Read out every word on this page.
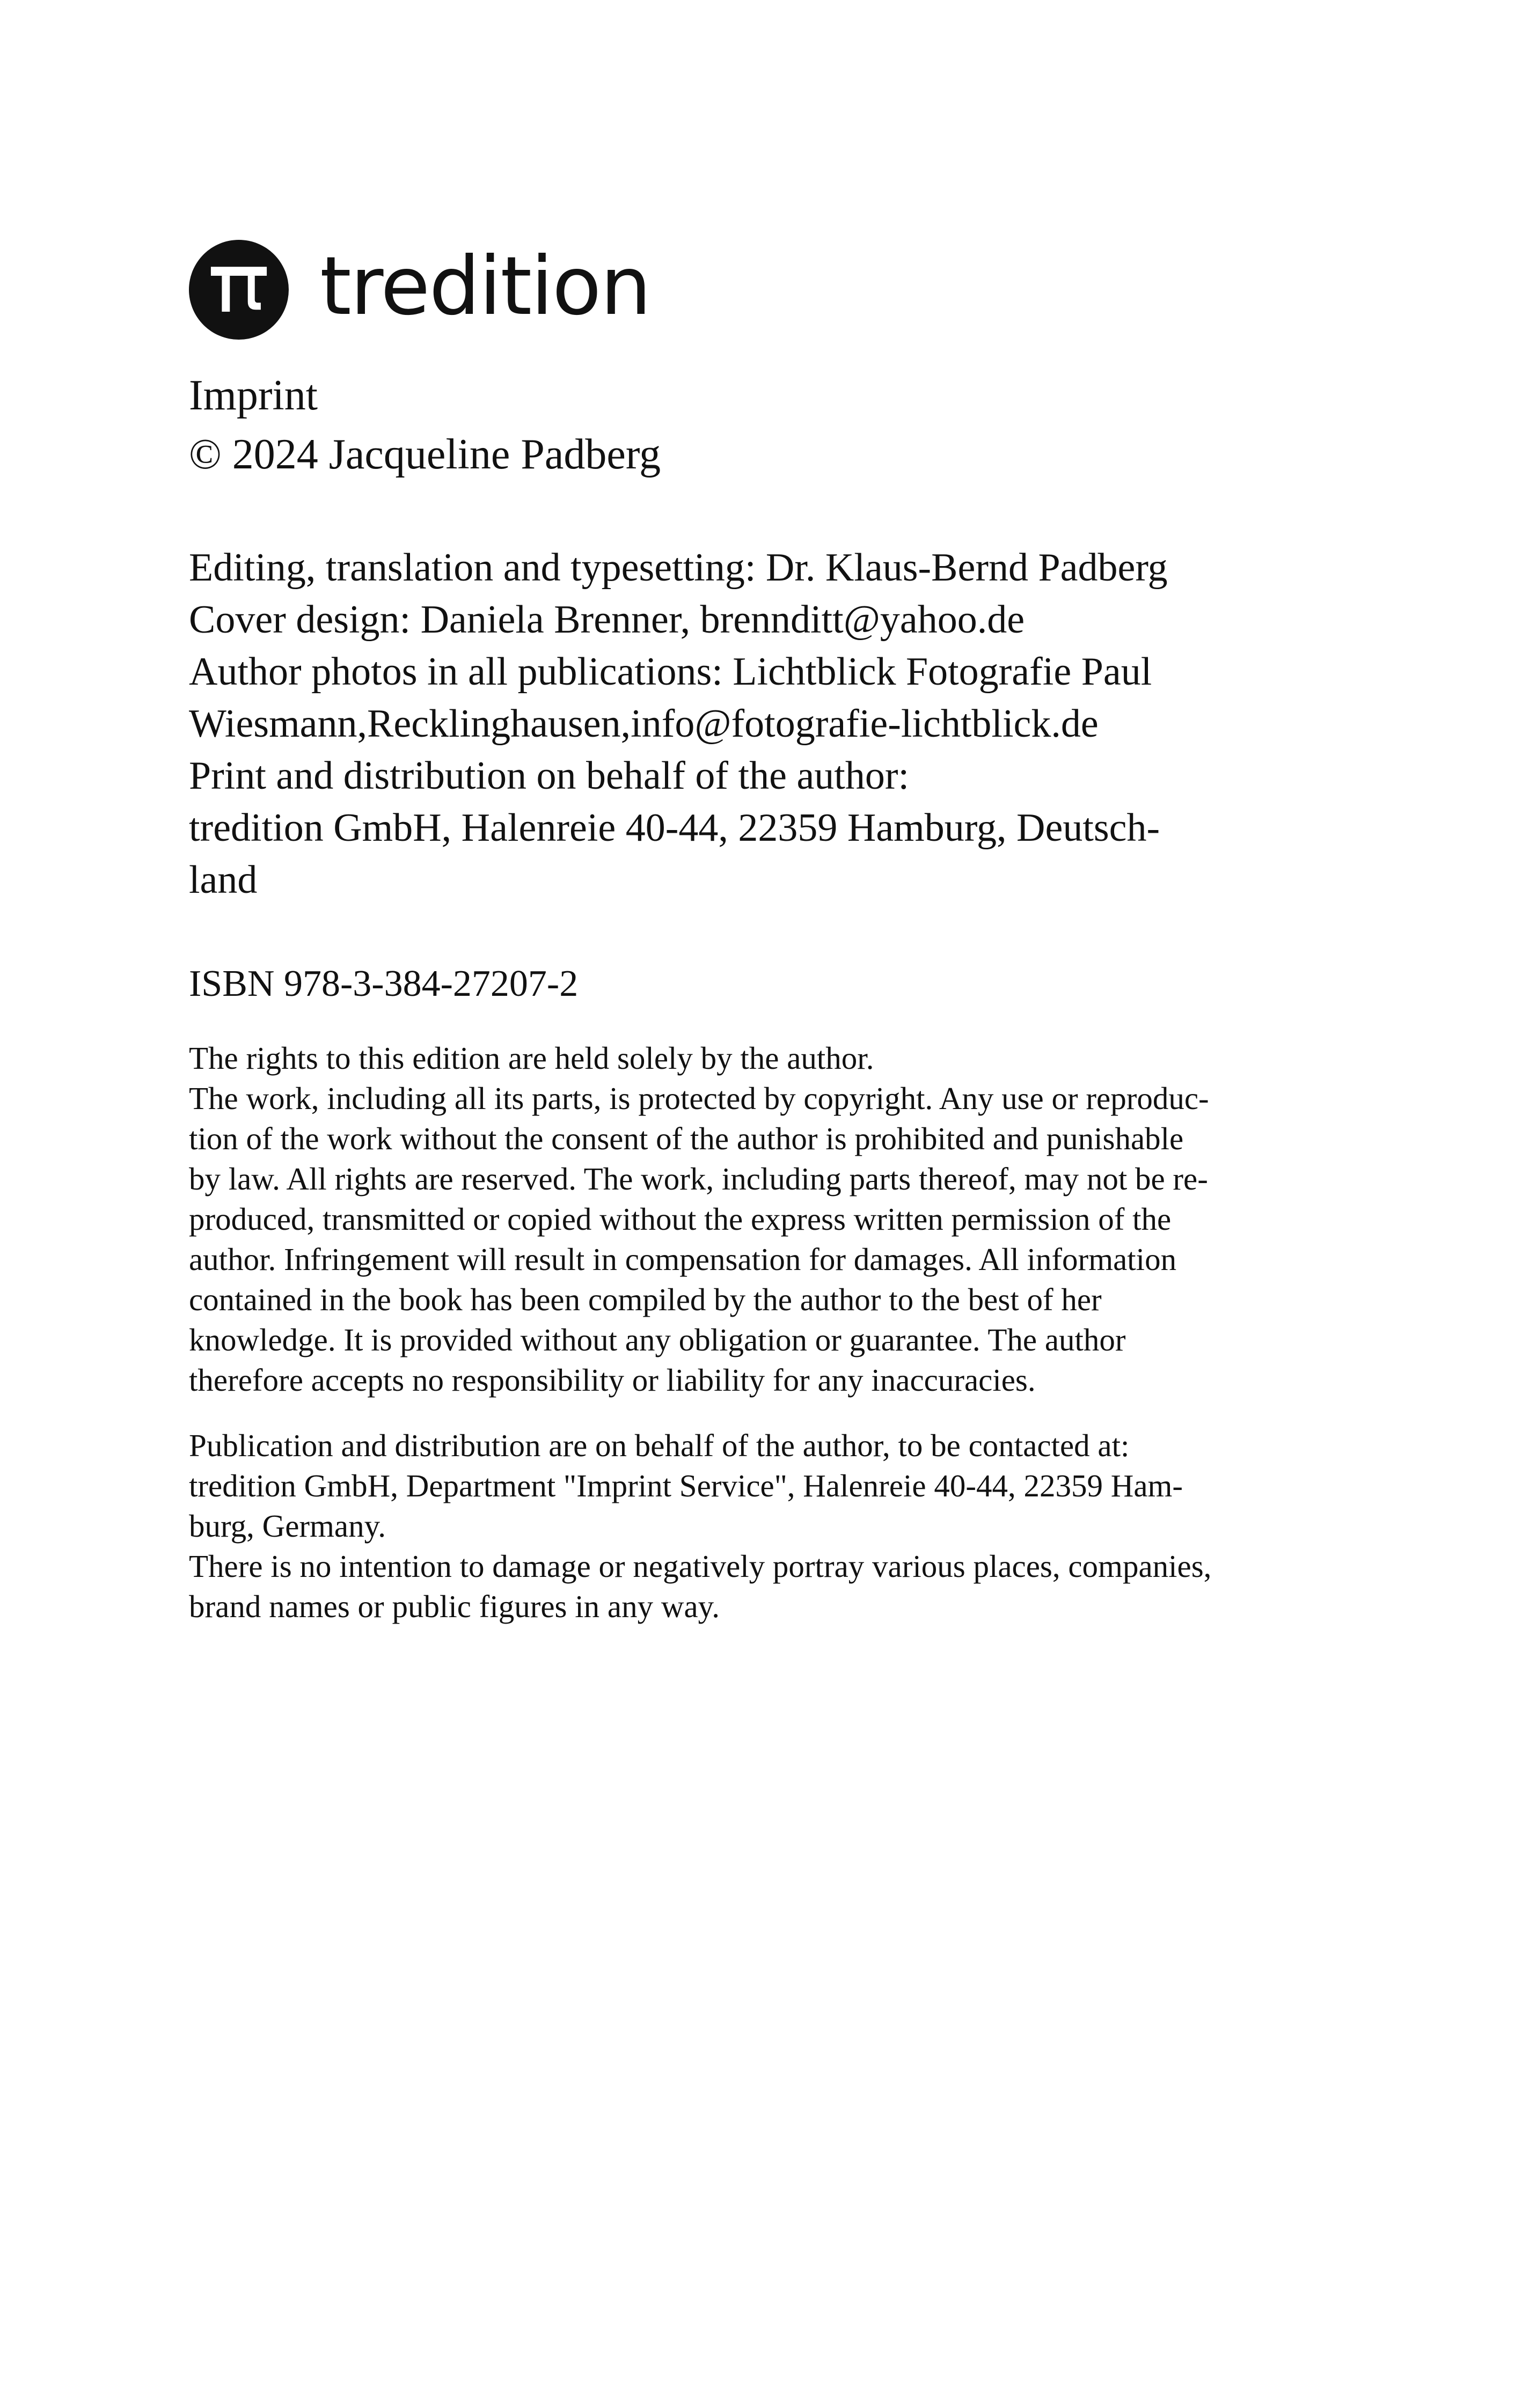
tredition
Imprint
© 2024 Jacqueline Padberg
Editing, translation and typesetting: Dr. Klaus-Bernd Padberg
Cover design: Daniela Brenner, brennditt@yahoo.de
Author photos in all publications: Lichtblick Fotografie Paul
Wiesmann,Recklinghausen,info@fotografie-lichtblick.de
Print and distribution on behalf of the author:
tredition GmbH, Halenreie 40-44, 22359 Hamburg, Deutsch-
land
ISBN 978-3-384-27207-2
The rights to this edition are held solely by the author.
The work, including all its parts, is protected by copyright. Any use or reproduc-
tion of the work without the consent of the author is prohibited and punishable
by law. All rights are reserved. The work, including parts thereof, may not be re-
produced, transmitted or copied without the express written permission of the
author. Infringement will result in compensation for damages. All information
contained in the book has been compiled by the author to the best of her
knowledge. It is provided without any obligation or guarantee. The author
therefore accepts no responsibility or liability for any inaccuracies.
Publication and distribution are on behalf of the author, to be contacted at:
tredition GmbH, Department "Imprint Service", Halenreie 40-44, 22359 Ham-
burg, Germany.
There is no intention to damage or negatively portray various places, companies,
brand names or public figures in any way.
